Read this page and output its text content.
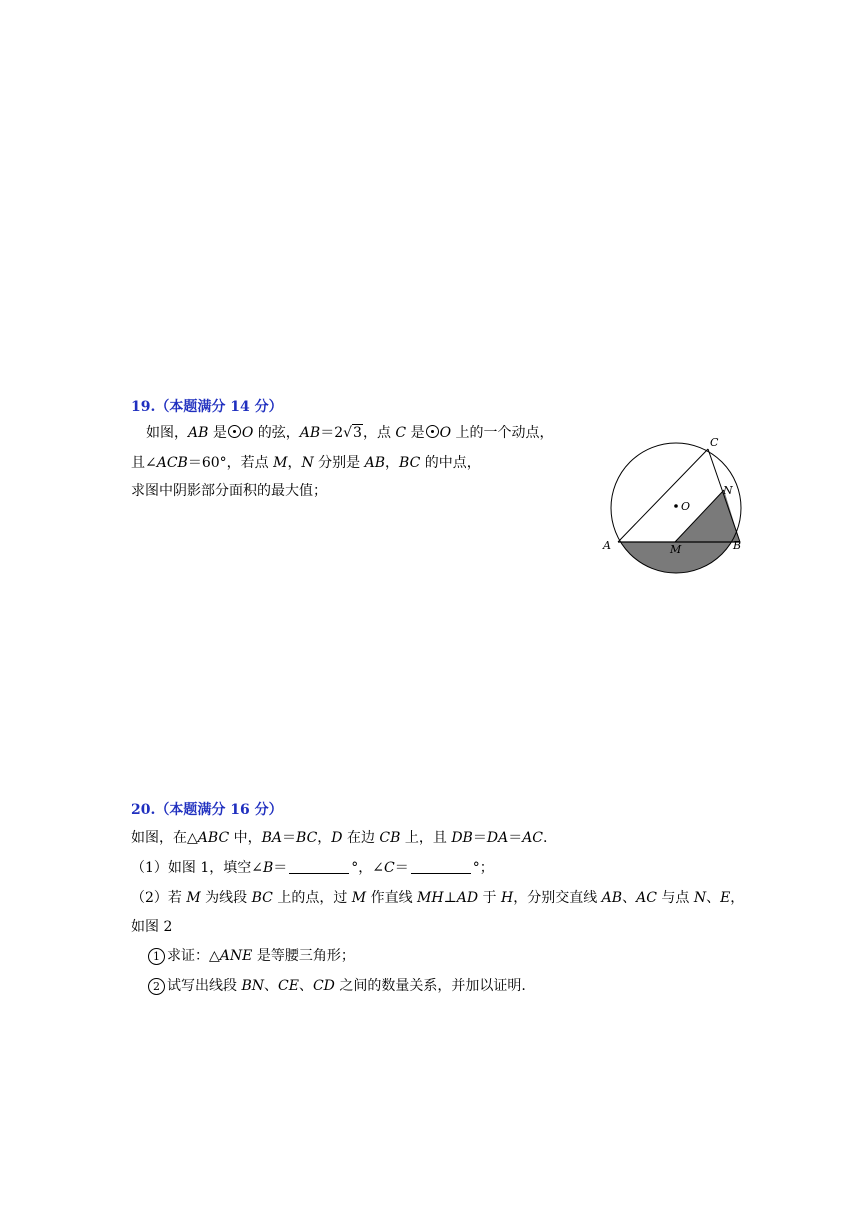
19.（本题满分 14 分）
如图，AB 是 O 的弦，AB＝2√3，点 C 是 O 上的一个动点，
且∠ACB＝60°，若点 M，N 分别是 AB，BC 的中点，
求图中阴影部分面积的最大值；
C
N
O
A	M	B
20.（本题满分 16 分）
如图，在△ABC 中，BA＝BC，D 在边 CB 上，且 DB＝DA＝AC.
（1）如图 1，填空∠B＝	°，∠C＝	°；
（2）若 M 为线段 BC 上的点，过 M 作直线 MH⊥AD 于 H，分别交直线 AB、AC 与点 N、E，
如图 2
1 求证：△ANE 是等腰三角形；
2 试写出线段 BN、CE、CD 之间的数量关系，并加以证明.
